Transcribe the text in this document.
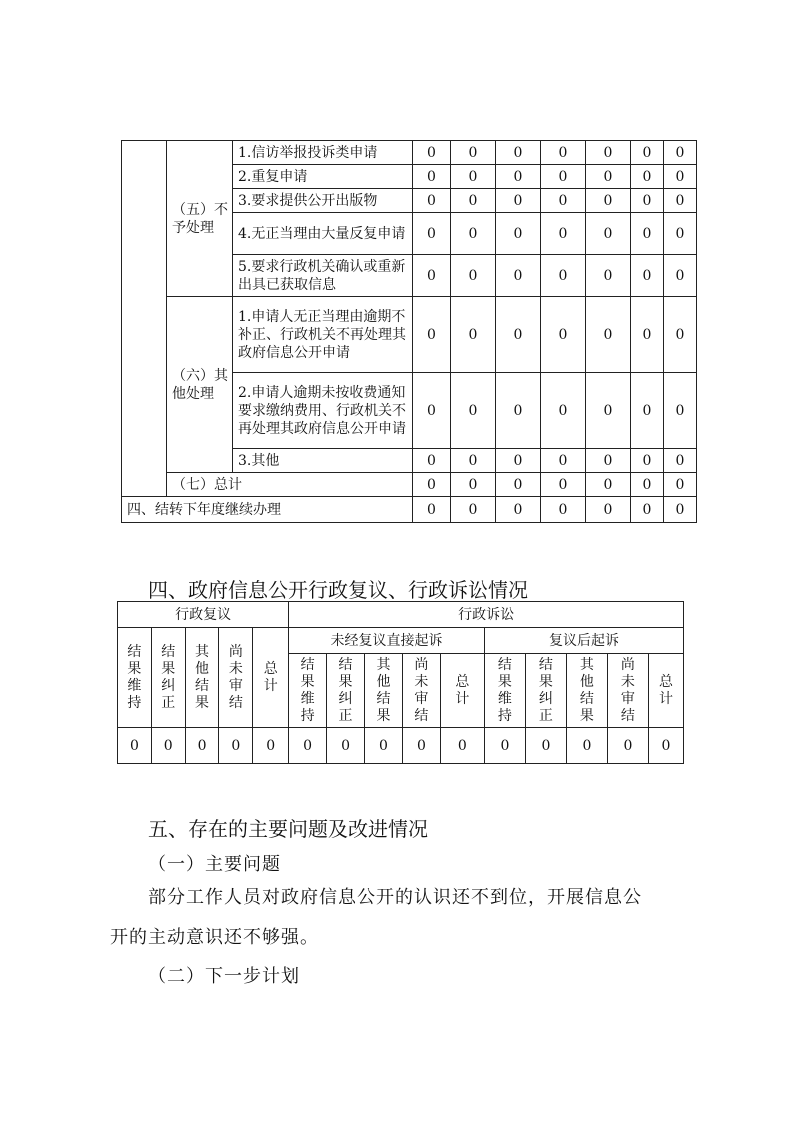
	（五）不予处理	1.信访举报投诉类申请	0	0	0	0	0	0	0
		2.重复申请	0	0	0	0	0	0	0
		3.要求提供公开出版物	0	0	0	0	0	0	0
		4.无正当理由大量反复申请	0	0	0	0	0	0	0
		5.要求行政机关确认或重新出具已获取信息	0	0	0	0	0	0	0
	（六）其他处理	1.申请人无正当理由逾期不补正、行政机关不再处理其政府信息公开申请	0	0	0	0	0	0	0
		2.申请人逾期未按收费通知要求缴纳费用、行政机关不再处理其政府信息公开申请	0	0	0	0	0	0	0
		3.其他	0	0	0	0	0	0	0
	（七）总计		0	0	0	0	0	0	0
四、结转下年度继续办理			0	0	0	0	0	0	0
四、政府信息公开行政复议、行政诉讼情况
行政复议					行政诉讼									
结果维持	结果纠正	其他结果	尚未审结	总计	未经复议直接起诉					复议后起诉				
					结果维持	结果纠正	其他结果	尚未审结	总计	结果维持	结果纠正	其他结果	尚未审结	总计
0	0	0	0	0	0	0	0	0	0	0	0	0	0	0
五、存在的主要问题及改进情况
（一）主要问题
部分工作人员对政府信息公开的认识还不到位，开展信息公
开的主动意识还不够强。
（二）下一步计划
